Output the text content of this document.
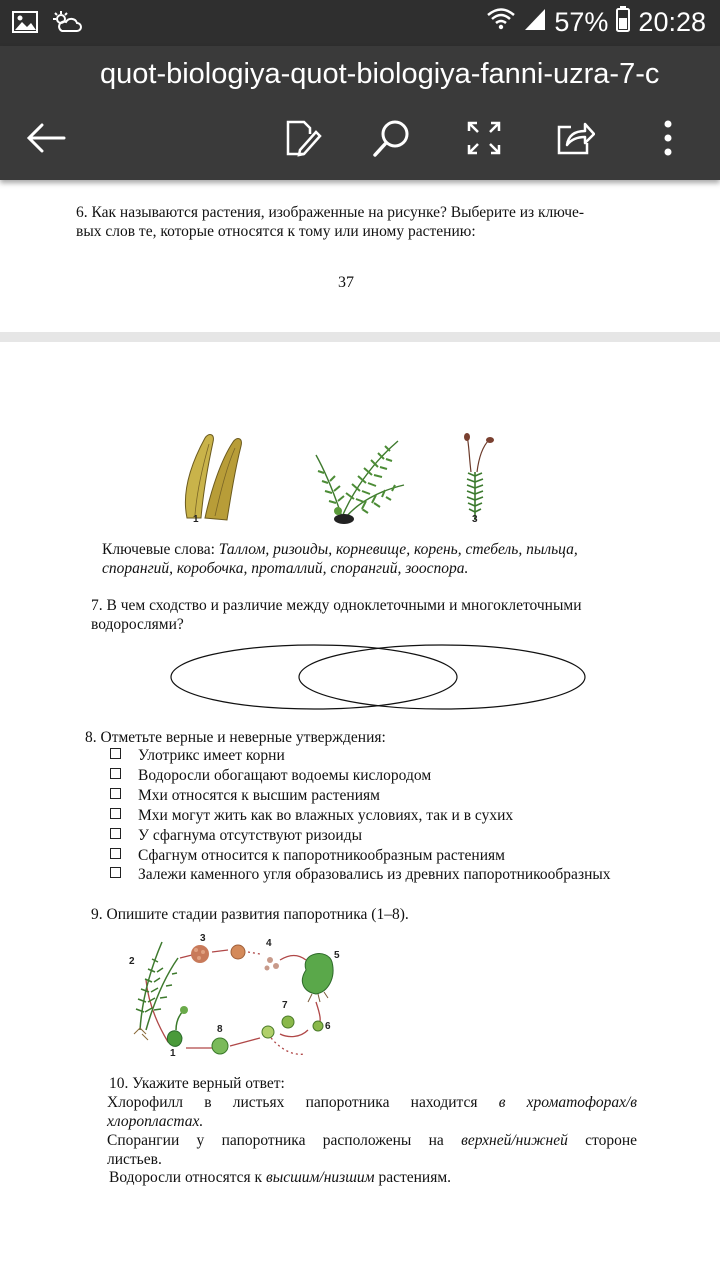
57% 20:28
quot-biologiya-quot-biologiya-fanni-uzra-7-c
6. Как называются растения, изображенные на рисунке? Выберите из ключе-
вых слов те, которые относятся к тому или иному растению:
37
1	3
Ключевые слова: Таллом, ризоиды, корневище, корень, стебель, пыльца,
спорангий, коробочка, проталлий, спорангий, зооспора.
7. В чем сходство и различие между одноклеточными и многоклеточными
водорослями?
8. Отметьте верные и неверные утверждения:
Улотрикс имеет корни
Водоросли обогащают водоемы кислородом
Мхи относятся к высшим растениям
Мхи могут жить как во влажных условиях, так и в сухих
У сфагнума отсутствуют ризоиды
Сфагнум относится к папоротникообразным растениям
Залежи каменного угля образовались из древних папоротникообразных
9. Опишите стадии развития папоротника (1–8).
1
2
3	4
5
6
7
8
10. Укажите верный ответ:
Хлорофилл в листьях папоротника находится в хроматофорах/в
хлоропластах.
Спорангии у папоротника расположены на верхней/нижней стороне
листьев.
Водоросли относятся к высшим/низшим растениям.
